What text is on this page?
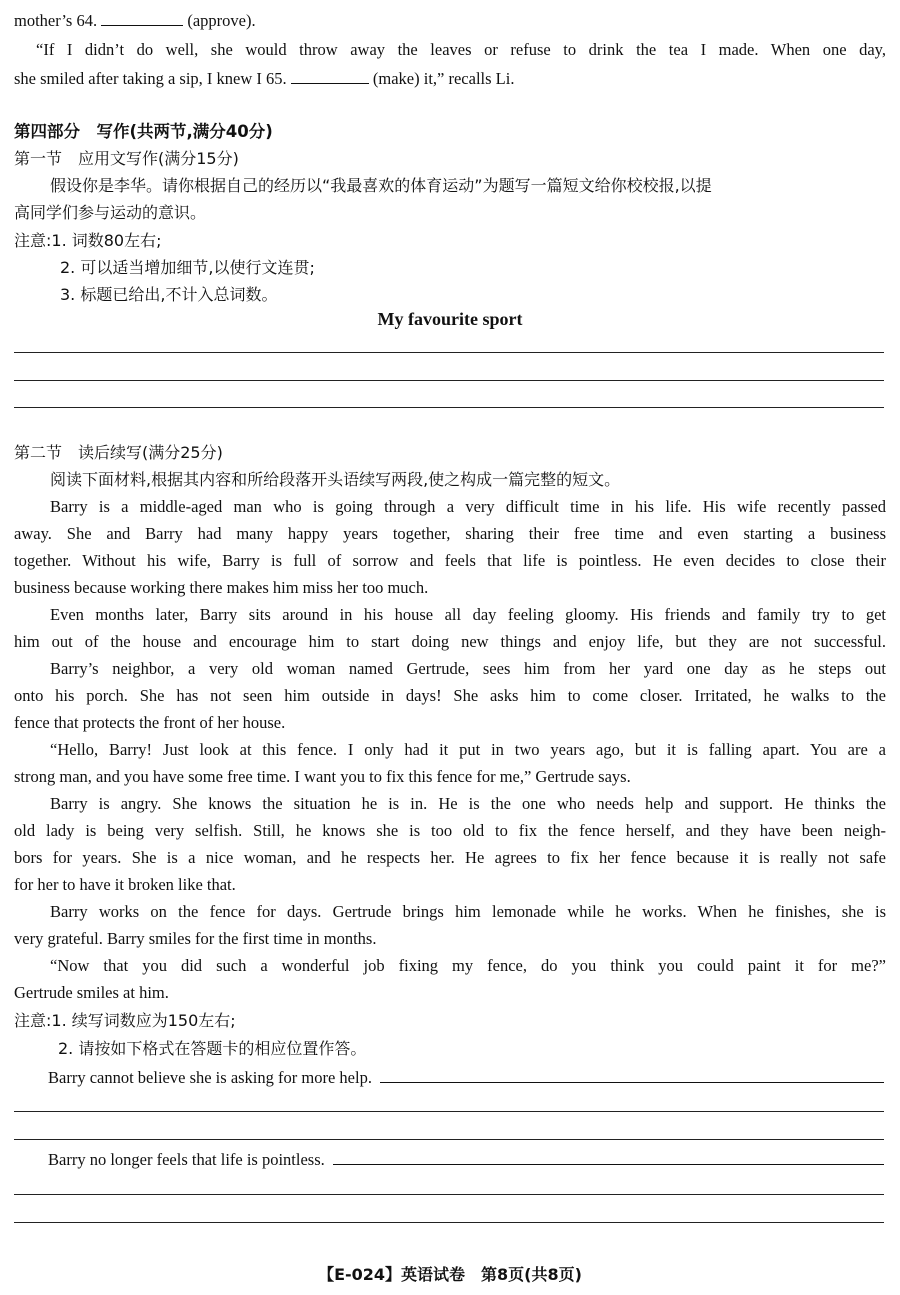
mother’s 64.	(approve).
“If I didn’t do well, she would throw away the leaves or refuse to drink the tea I made. When one day,
she smiled after taking a sip, I knew I 65.	(make) it,” recalls Li.
第四部分　写作(共两节,满分40分)
第一节　应用文写作(满分15分)
假设你是李华。请你根据自己的经历以“我最喜欢的体育运动”为题写一篇短文给你校校报,以提
高同学们参与运动的意识。
注意:1. 词数80左右;
2. 可以适当增加细节,以使行文连贯;
3. 标题已给出,不计入总词数。
My favourite sport
第二节　读后续写(满分25分)
阅读下面材料,根据其内容和所给段落开头语续写两段,使之构成一篇完整的短文。
Barry is a middle-aged man who is going through a very difficult time in his life. His wife recently passed
away. She and Barry had many happy years together, sharing their free time and even starting a business
together. Without his wife, Barry is full of sorrow and feels that life is pointless. He even decides to close their
business because working there makes him miss her too much.
Even months later, Barry sits around in his house all day feeling gloomy. His friends and family try to get
him out of the house and encourage him to start doing new things and enjoy life, but they are not successful.
Barry’s neighbor, a very old woman named Gertrude, sees him from her yard one day as he steps out
onto his porch. She has not seen him outside in days! She asks him to come closer. Irritated, he walks to the
fence that protects the front of her house.
“Hello, Barry! Just look at this fence. I only had it put in two years ago, but it is falling apart. You are a
strong man, and you have some free time. I want you to fix this fence for me,” Gertrude says.
Barry is angry. She knows the situation he is in. He is the one who needs help and support. He thinks the
old lady is being very selfish. Still, he knows she is too old to fix the fence herself, and they have been neigh-
bors for years. She is a nice woman, and he respects her. He agrees to fix her fence because it is really not safe
for her to have it broken like that.
Barry works on the fence for days. Gertrude brings him lemonade while he works. When he finishes, she is
very grateful. Barry smiles for the first time in months.
“Now that you did such a wonderful job fixing my fence, do you think you could paint it for me?”
Gertrude smiles at him.
注意:1. 续写词数应为150左右;
2. 请按如下格式在答题卡的相应位置作答。
Barry cannot believe she is asking for more help.
Barry no longer feels that life is pointless.
【E-024】英语试卷　第8页(共8页)
